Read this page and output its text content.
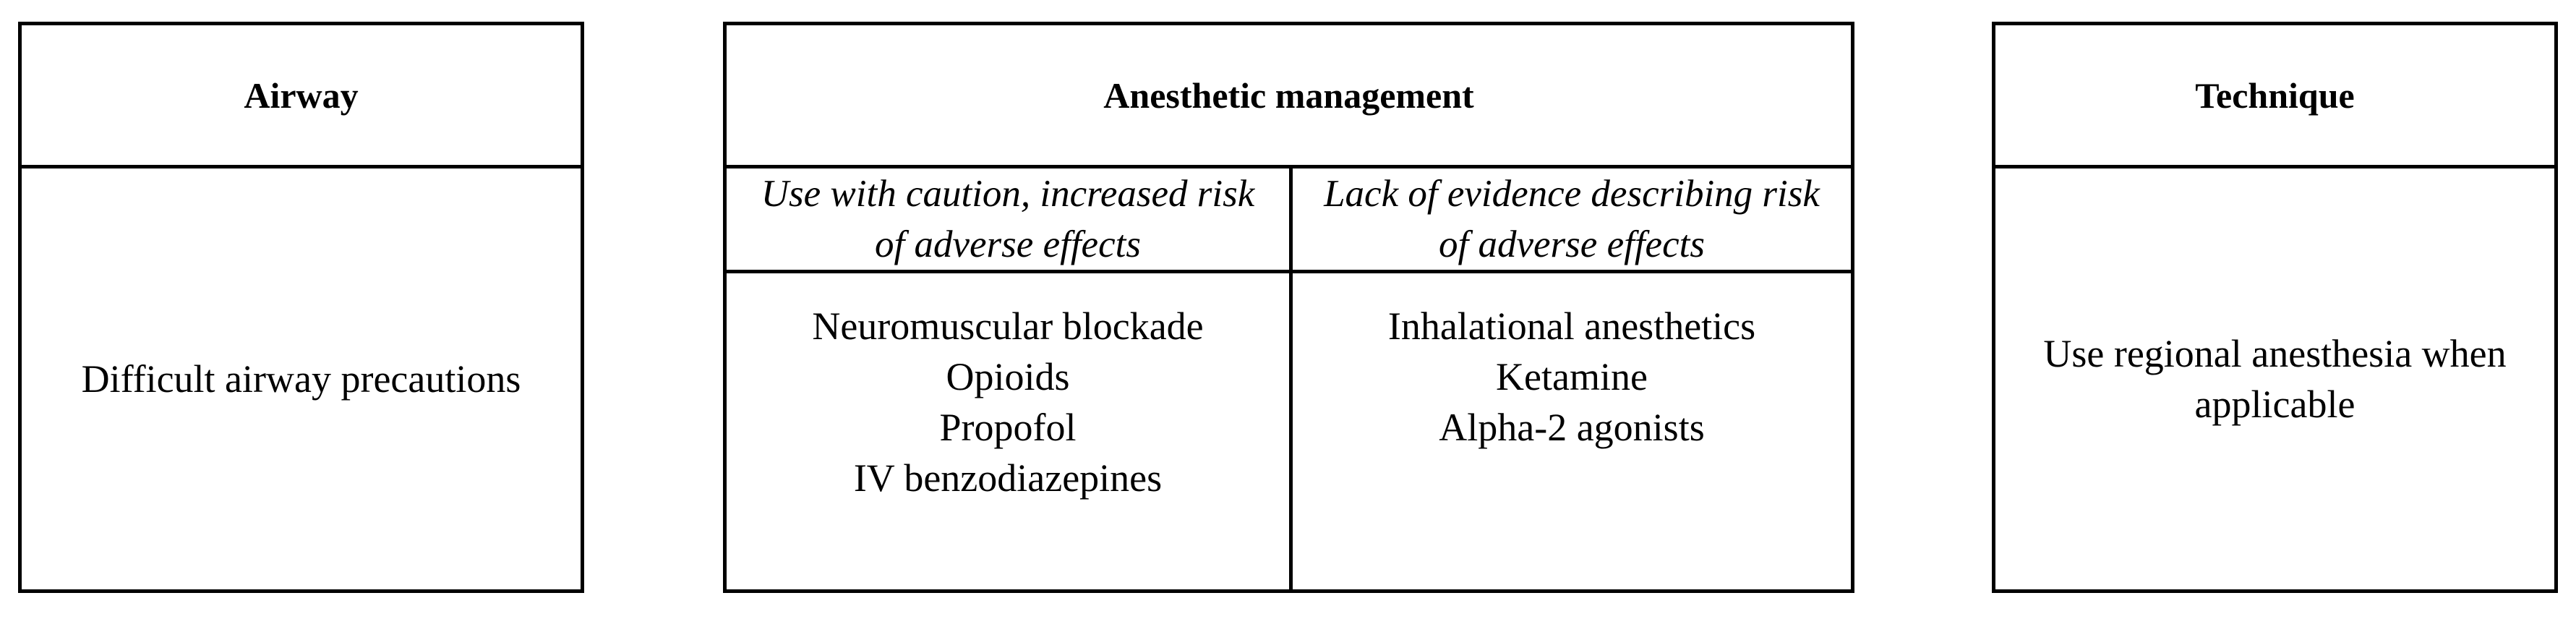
Airway
Difficult airway precautions
Anesthetic management
Use with caution, increased risk
of adverse effects
Lack of evidence describing risk
of adverse effects
Neuromuscular blockade
Opioids
Propofol
IV benzodiazepines
Inhalational anesthetics
Ketamine
Alpha-2 agonists
Technique
Use regional anesthesia when
applicable
